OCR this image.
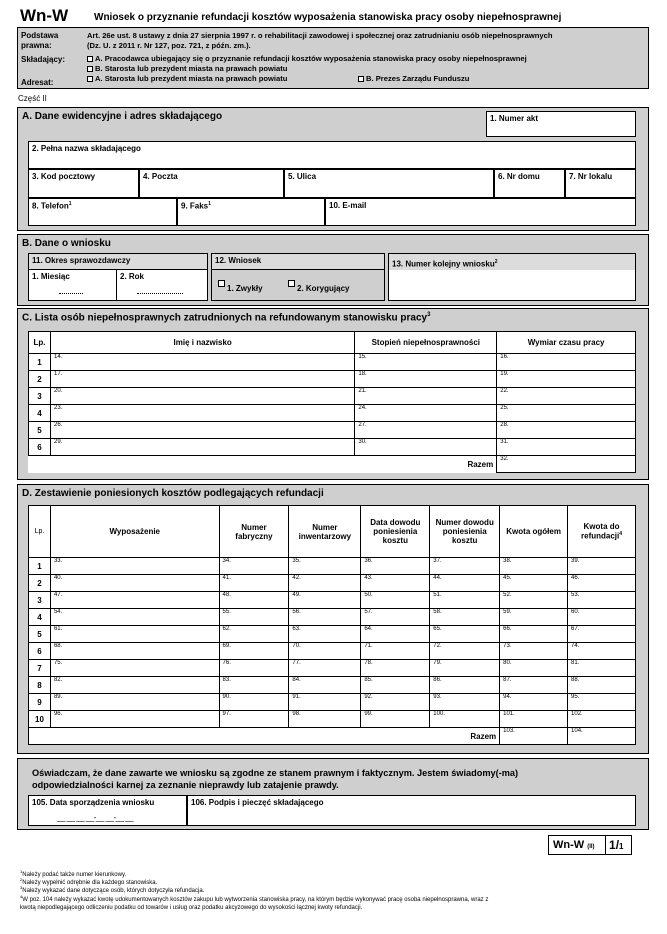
Wn-W	Wniosek o przyznanie refundacji kosztów wyposażenia stanowiska pracy osoby niepełnosprawnej
Podstawa prawna:
Art. 26e ust. 8 ustawy z dnia 27 sierpnia 1997 r. o rehabilitacji zawodowej i społecznej oraz zatrudnianiu osób niepełnosprawnych
(Dz. U. z 2011 r. Nr 127, poz. 721, z późn. zm.).
Składający:	A. Pracodawca ubiegający się o przyznanie refundacji kosztów wyposażenia stanowiska pracy osoby niepełnosprawnej
B. Starosta lub prezydent miasta na prawach powiatu
Adresat:	A. Starosta lub prezydent miasta na prawach powiatu	B. Prezes Zarządu Funduszu
Część II
A. Dane ewidencyjne i adres składającego	1. Numer akt
2. Pełna nazwa składającego
3. Kod pocztowy	4. Poczta	5. Ulica	6. Nr domu	7. Nr lokalu
8. Telefon$^1$	9. Faks$^1$	10. E-mail
B. Dane o wniosku
11. Okres sprawozdawczy
1. Miesiąc	2. Rok
12. Wniosek
1. Zwykły	2. Korygujący
13. Numer kolejny wniosku$^2$
C. Lista osób niepełnosprawnych zatrudnionych na refundowanym stanowisku pracy$^3$
Lp.	Imię i nazwisko	Stopień niepełnosprawności	Wymiar czasu pracy
1	14.	15.	16.
2	17.	18.	19.
3	20.	21.	22.
4	23.	24.	25.
5	26.	27.	28.
6	29.	30.	31.
Razem			32.
D. Zestawienie poniesionych kosztów podlegających refundacji
Lp.	Wyposażenie	Numer fabryczny	Numer inwentarzowy	Data dowodu poniesienia kosztu	Numer dowodu poniesienia kosztu	Kwota ogółem	Kwota do refundacji$^4$
1	33.	34.	35.	36.	37.	38.	39.
2	40.	41.	42.	43.	44.	45.	46.
3	47.	48.	49.	50.	51.	52.	53.
4	54.	55.	56.	57.	58.	59.	60.
5	61.	62.	63.	64.	65.	66.	67.
6	68.	69.	70.	71.	72.	73.	74.
7	75.	76.	77.	78.	79.	80.	81.
8	82.	83.	84.	85.	86.	87.	88.
9	89.	90.	91.	92.	93.	94.	95.
10	96.	97.	98.	99.	100.	101.	102.
Razem						103.	104.
Oświadczam, że dane zawarte we wniosku są zgodne ze stanem prawnym i faktycznym. Jestem świadomy(-ma)
odpowiedzialności karnej za zeznanie nieprawdy lub zatajenie prawdy.
105. Data sporządzenia wniosku
__ __ __ __-__ __-__ __
106. Podpis i pieczęć składającego
Wn-W (II) 1/1
$^1$Należy podać także numer kierunkowy.
$^2$Należy wypełnić odrębnie dla każdego stanowiska.
$^3$Należy wykazać dane dotyczące osób, których dotyczyła refundacja.
$^4$W poz. 104 należy wykazać kwotę udokumentowanych kosztów zakupu lub wytworzenia stanowiska pracy, na którym będzie wykonywać pracę osoba niepełnosprawna, wraz z
kwotą niepodlegającego odliczeniu podatku od towarów i usług oraz podatku akcyzowego do wysokości łącznej kwoty refundacji.
